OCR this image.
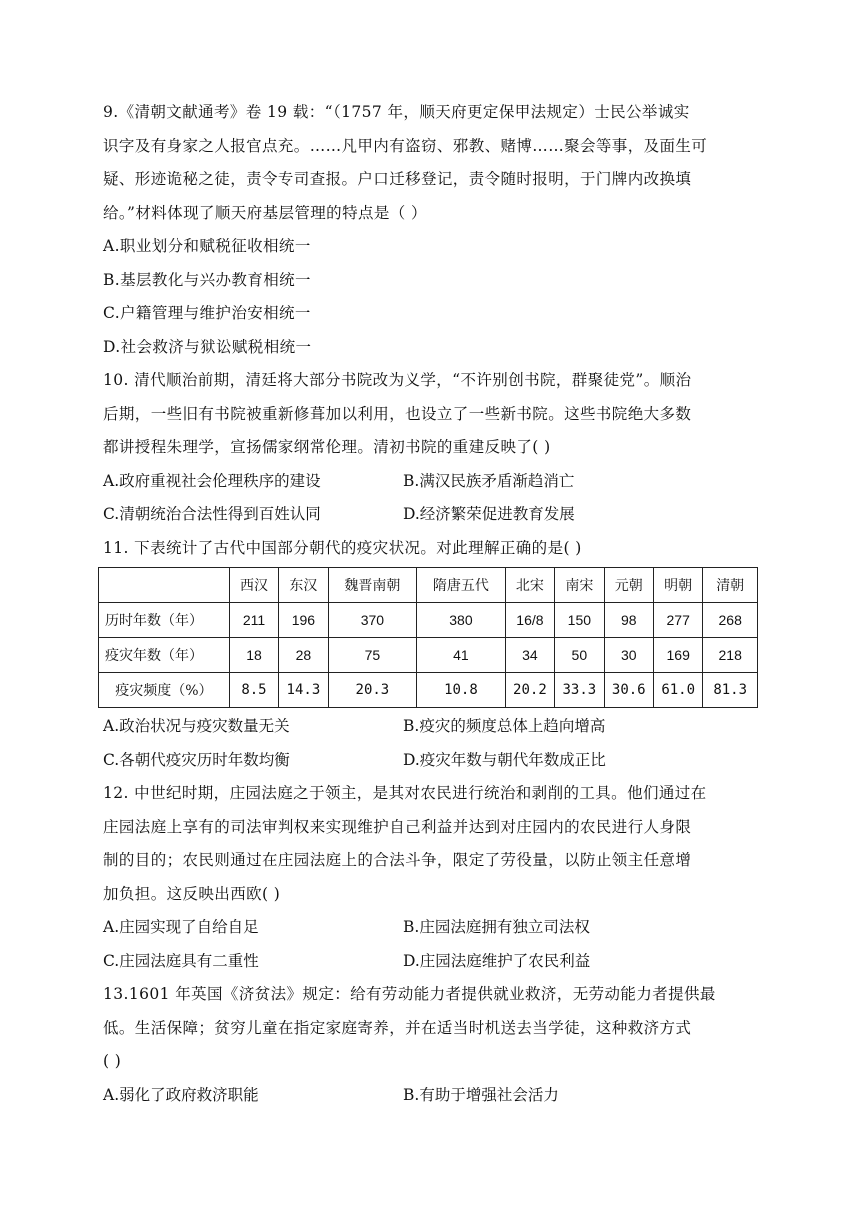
9.《清朝文献通考》卷 19 载：“（1757 年，顺天府更定保甲法规定）士民公举诚实
识字及有身家之人报官点充。……凡甲内有盗窃、邪教、赌博……聚会等事，及面生可
疑、形迹诡秘之徒，责令专司查报。户口迁移登记，责令随时报明，于门牌内改换填
给。”材料体现了顺天府基层管理的特点是（ ）
A.职业划分和赋税征收相统一
B.基层教化与兴办教育相统一
C.户籍管理与维护治安相统一
D.社会救济与狱讼赋税相统一
10. 清代顺治前期，清廷将大部分书院改为义学，“不许别创书院，群聚徒党”。顺治
后期，一些旧有书院被重新修葺加以利用，也设立了一些新书院。这些书院绝大多数
都讲授程朱理学，宣扬儒家纲常伦理。清初书院的重建反映了( )
A.政府重视社会伦理秩序的建设	B.满汉民族矛盾渐趋消亡
C.清朝统治合法性得到百姓认同	D.经济繁荣促进教育发展
11. 下表统计了古代中国部分朝代的疫灾状况。对此理解正确的是( )
	西汉	东汉	魏晋南朝	隋唐五代	北宋	南宋	元朝	明朝	清朝
历时年数（年）	211	196	370	380	16/8	150	98	277	268
疫灾年数（年）	18	28	75	41	34	50	30	169	218
疫灾频度（%）	8.5	14.3	20.3	10.8	20.2	33.3	30.6	61.0	81.3
A.政治状况与疫灾数量无关	B.疫灾的频度总体上趋向增高
C.各朝代疫灾历时年数均衡	D.疫灾年数与朝代年数成正比
12. 中世纪时期，庄园法庭之于领主，是其对农民进行统治和剥削的工具。他们通过在
庄园法庭上享有的司法审判权来实现维护自己利益并达到对庄园内的农民进行人身限
制的目的；农民则通过在庄园法庭上的合法斗争，限定了劳役量，以防止领主任意增
加负担。这反映出西欧( )
A.庄园实现了自给自足	B.庄园法庭拥有独立司法权
C.庄园法庭具有二重性	D.庄园法庭维护了农民利益
13.1601 年英国《济贫法》规定：给有劳动能力者提供就业救济，无劳动能力者提供最
低。生活保障；贫穷儿童在指定家庭寄养，并在适当时机送去当学徒，这种救济方式
( )
A.弱化了政府救济职能	B.有助于增强社会活力
